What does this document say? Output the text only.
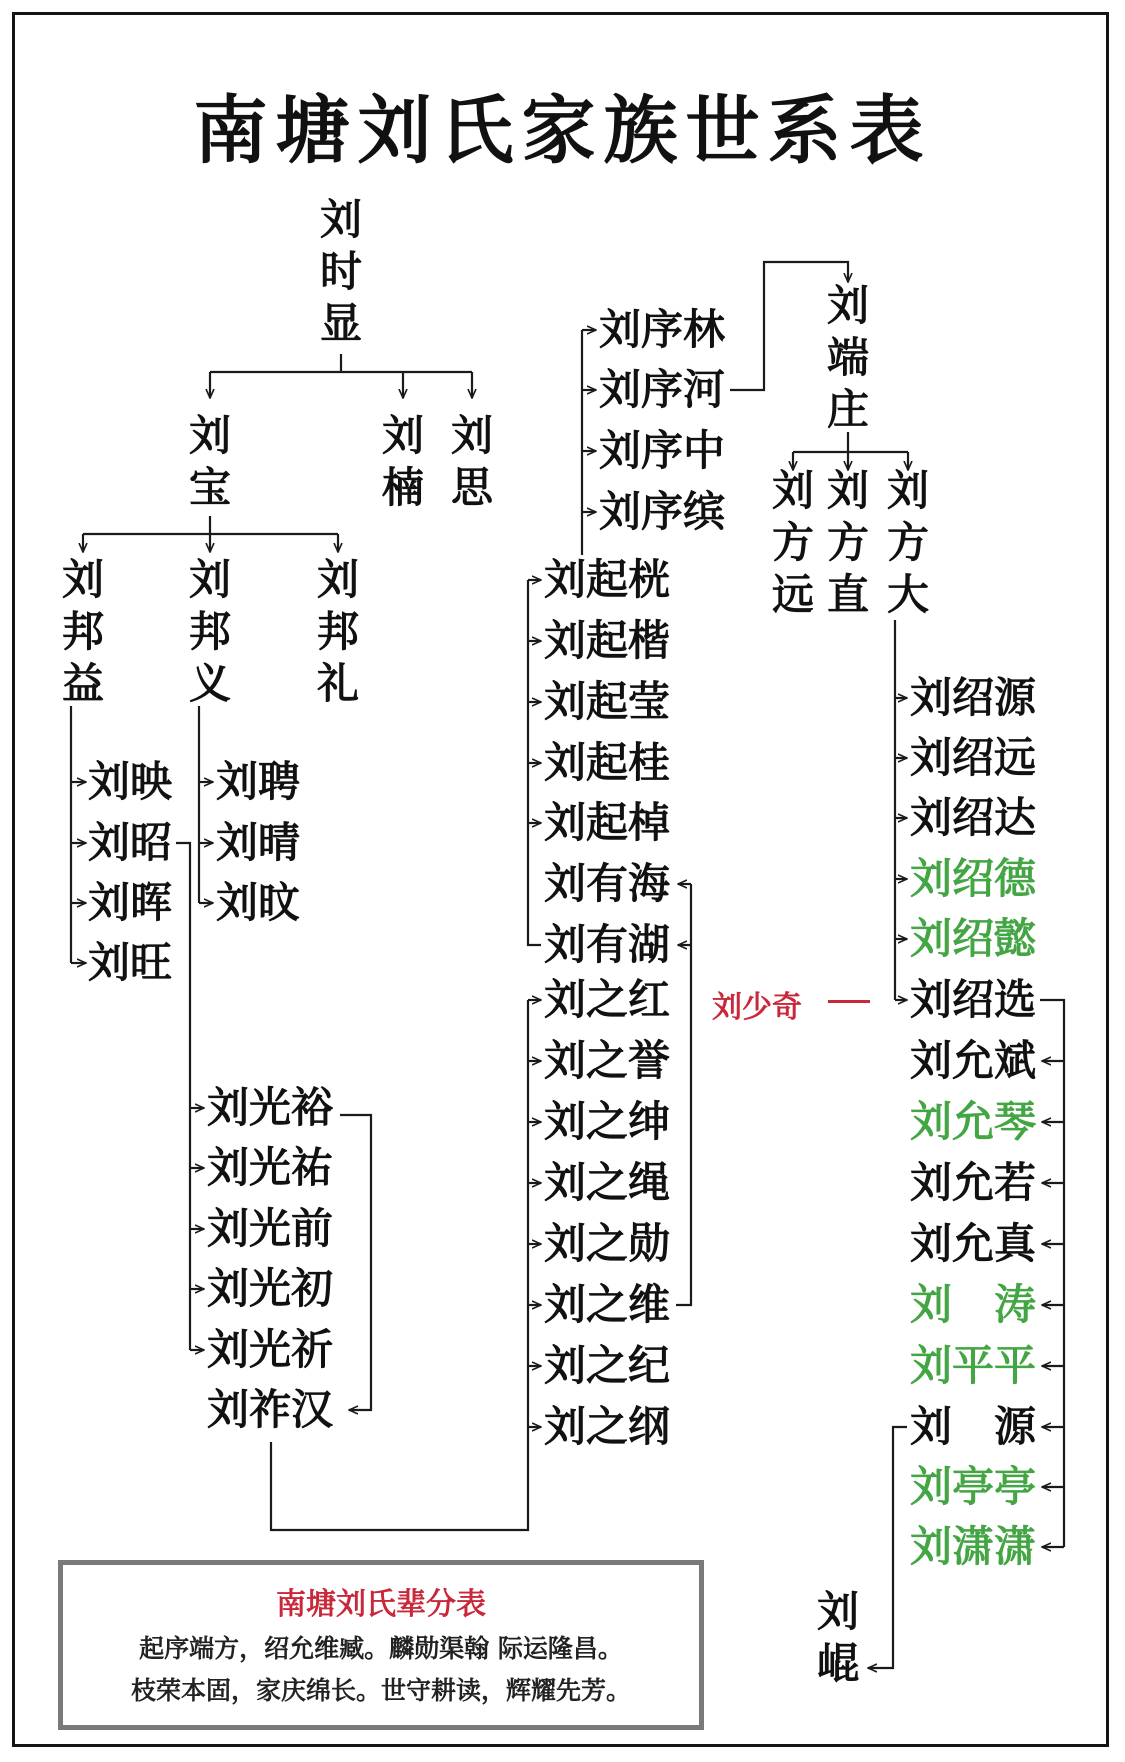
南塘刘氏家族世系表
刘
时
显
刘
宝
刘
楠
刘
思
刘
邦
益
刘
邦
义
刘
邦
礼
刘映
刘昭
刘晖
刘旺
刘聘
刘晴
刘旼
刘光裕
刘光祐
刘光前
刘光初
刘光祈
刘祚汉
刘之红
刘之誉
刘之绅
刘之绳
刘之勋
刘之维
刘之纪
刘之纲
刘有海
刘有湖
刘起桄
刘起楷
刘起莹
刘起桂
刘起棹
刘序林
刘序河
刘序中
刘序缤
刘
端
庄
刘
方
远
刘
方
直
刘
方
大
刘绍源
刘绍远
刘绍达
刘绍德
刘绍懿
刘绍选
刘少奇
刘允斌
刘允琴
刘允若
刘允真
刘　涛
刘平平
刘　源
刘亭亭
刘潇潇
刘
崐
南塘刘氏辈分表
起序端方，绍允维臧。麟勋渠翰 际运隆昌。
枝荣本固，家庆绵长。世守耕读，辉耀先芳。
